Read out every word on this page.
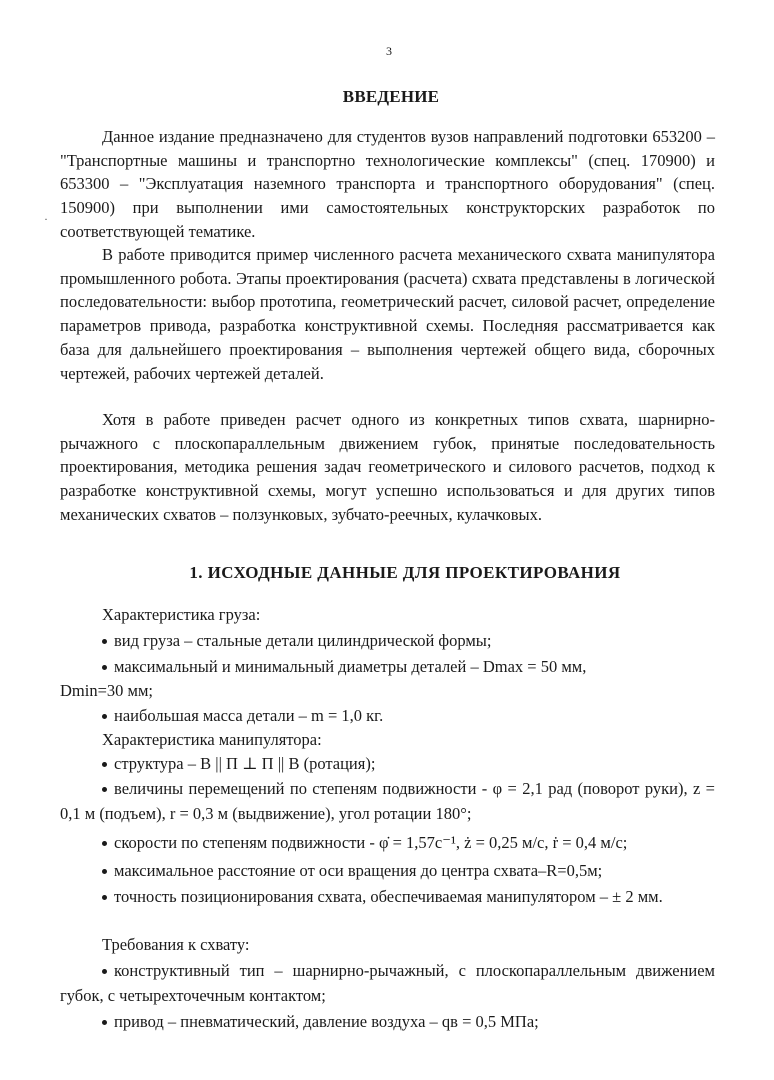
3
·
ВВЕДЕНИЕ

Данное издание предназначено для студентов вузов направлений подготовки 653200 – "Транспортные машины и транспортно технологические комплексы" (спец. 170900) и 653300 – "Эксплуатация наземного транспорта и транспортного оборудования" (спец. 150900) при выполнении ими самостоятельных конструкторских разработок по соответствующей тематике.

В работе приводится пример численного расчета механического схвата манипулятора промышленного робота. Этапы проектирования (расчета) схвата представлены в логической последовательности: выбор прототипа, геометрический расчет, силовой расчет, определение параметров привода, разработка конструктивной схемы. Последняя рассматривается как база для дальнейшего проектирования – выполнения чертежей общего вида, сборочных чертежей, рабочих чертежей деталей.

Хотя в работе приведен расчет одного из конкретных типов схвата, шарнирно-рычажного с плоскопараллельным движением губок, принятые последовательность проектирования, методика решения задач геометрического и силового расчетов, подход к разработке конструктивной схемы, могут успешно использоваться и для других типов механических схватов – ползунковых, зубчато-реечных, кулачковых.

1. ИСХОДНЫЕ ДАННЫЕ ДЛЯ ПРОЕКТИРОВАНИЯ
Характеристика груза:
вид груза – стальные детали цилиндрической формы;
максимальный и минимальный диаметры деталей – Dmax = 50 мм,
Dmin=30 мм;
наибольшая масса детали – m = 1,0 кг.
Характеристика манипулятора:
структура – В || П ⊥ П || В (ротация);
величины перемещений по степеням подвижности - φ = 2,1 рад (поворот руки), z = 0,1 м (подъем), r = 0,3 м (выдвижение), угол ротации 180°;
скорости по степеням подвижности - φ̇ = 1,57с⁻¹, ż = 0,25 м/с, ṙ = 0,4 м/с;
максимальное расстояние от оси вращения до центра схвата–R=0,5м;
точность позиционирования схвата, обеспечиваемая манипулятором – ± 2 мм.
Требования к схвату:
конструктивный тип – шарнирно-рычажный, с плоскопараллельным движением губок, с четырехточечным контактом;
привод – пневматический, давление воздуха – qв = 0,5 МПа;
